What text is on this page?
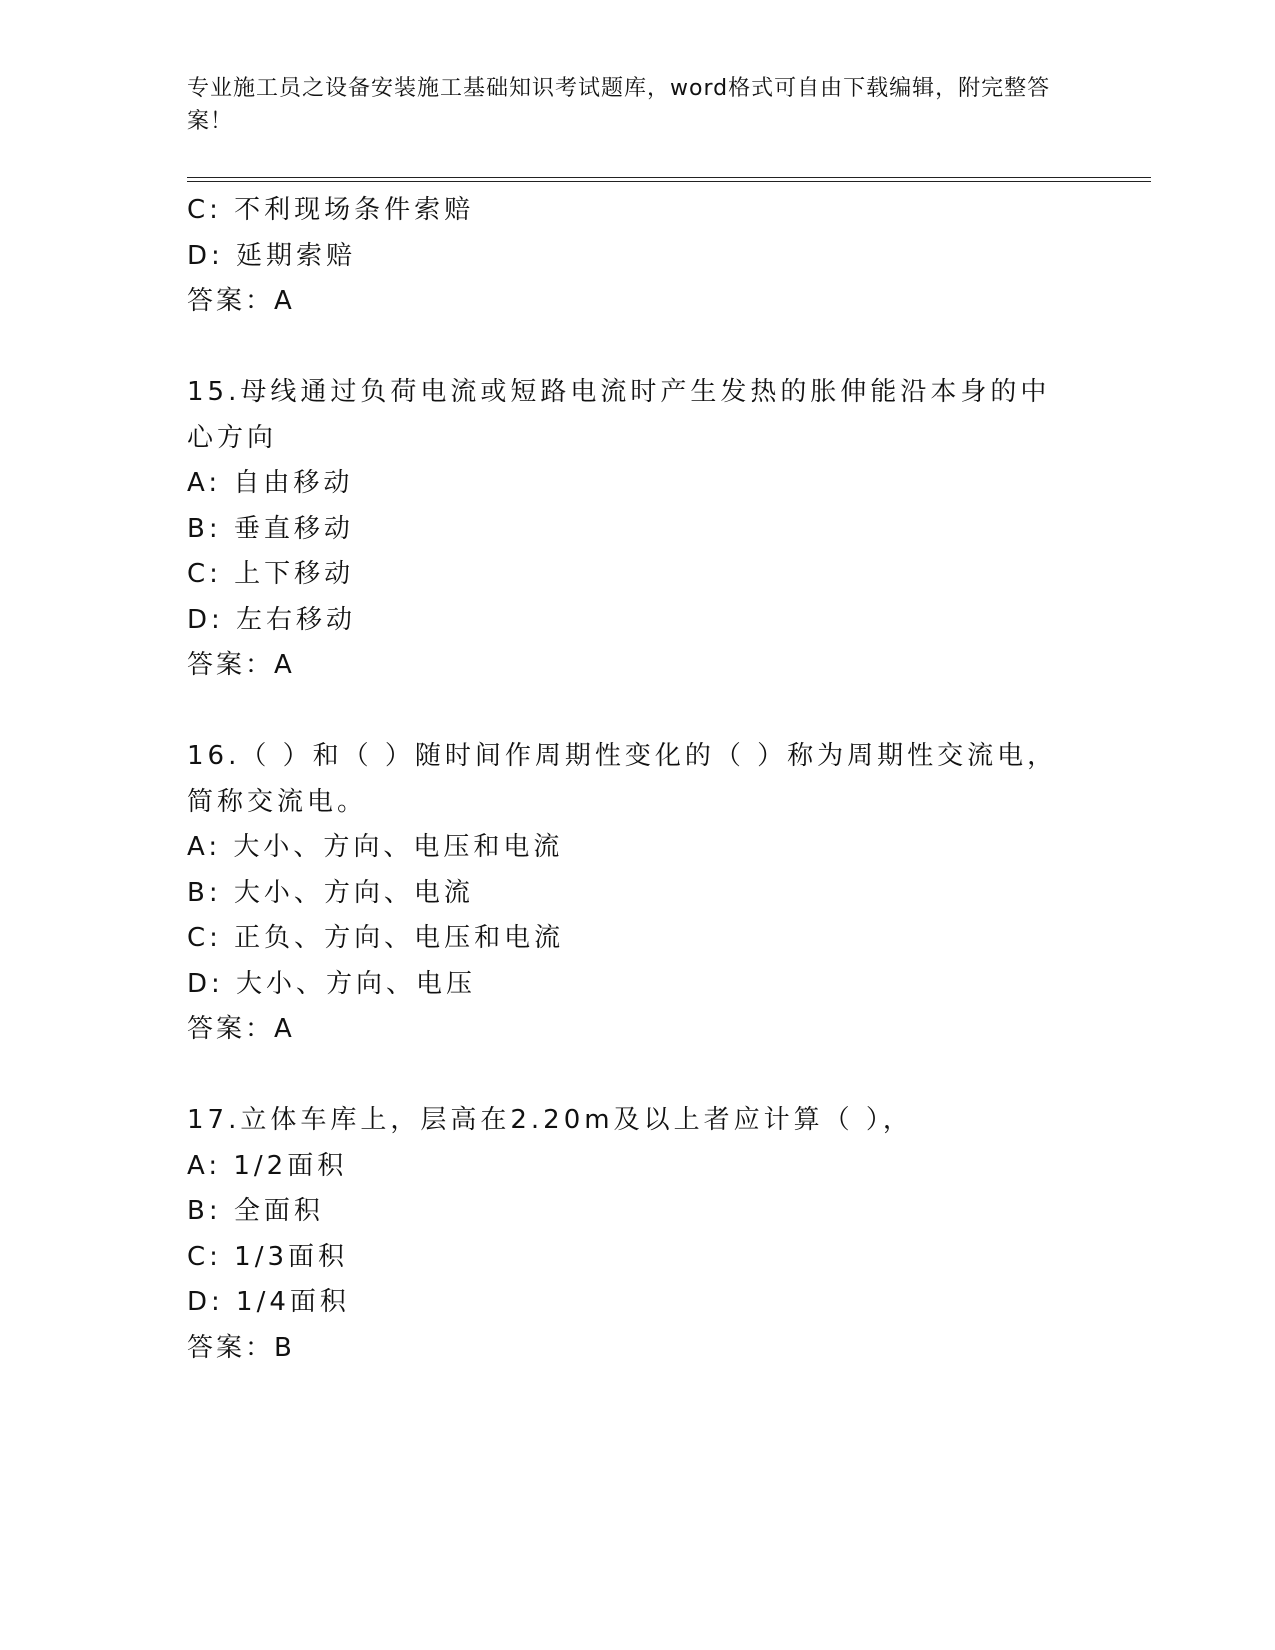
专业施工员之设备安装施工基础知识考试题库，word格式可自由下载编辑，附完整答案！
C: 不利现场条件索赔
D: 延期索赔
答案：A
15.母线通过负荷电流或短路电流时产生发热的胀伸能沿本身的中心方向
A: 自由移动
B: 垂直移动
C: 上下移动
D: 左右移动
答案：A
16.（ ）和（ ）随时间作周期性变化的（ ）称为周期性交流电，简称交流电。
A: 大小、方向、电压和电流
B: 大小、方向、电流
C: 正负、方向、电压和电流
D: 大小、方向、电压
答案：A
17.立体车库上，层高在2.20m及以上者应计算（ ），
A: 1/2面积
B: 全面积
C: 1/3面积
D: 1/4面积
答案：B
